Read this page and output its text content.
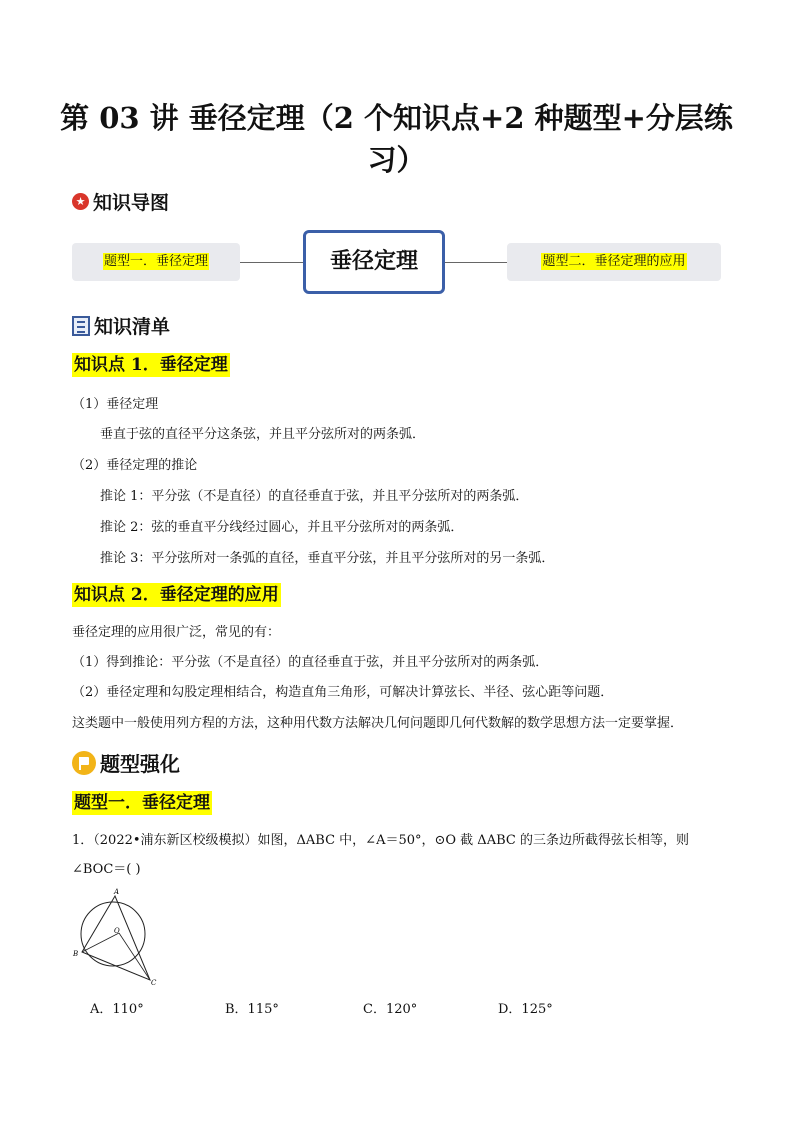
第 03 讲 垂径定理（2 个知识点+2 种题型+分层练
习）
★ 知识导图
题型一．垂径定理	垂径定理	题型二．垂径定理的应用
知识清单
知识点 1．垂径定理
（1）垂径定理
垂直于弦的直径平分这条弦，并且平分弦所对的两条弧．
（2）垂径定理的推论
推论 1：平分弦（不是直径）的直径垂直于弦，并且平分弦所对的两条弧．
推论 2：弦的垂直平分线经过圆心，并且平分弦所对的两条弧．
推论 3：平分弦所对一条弧的直径，垂直平分弦，并且平分弦所对的另一条弧．
知识点 2．垂径定理的应用
垂径定理的应用很广泛，常见的有：
（1）得到推论：平分弦（不是直径）的直径垂直于弦，并且平分弦所对的两条弧．
（2）垂径定理和勾股定理相结合，构造直角三角形，可解决计算弦长、半径、弦心距等问题．
这类题中一般使用列方程的方法，这种用代数方法解决几何问题即几何代数解的数学思想方法一定要掌握．
题型强化
题型一．垂径定理
1．（2022•浦东新区校级模拟）如图，ΔABC 中，∠A＝50°，⊙O 截 ΔABC 的三条边所截得弦长相等，则
∠BOC＝( )
A
O
B
C
A．110°	B．115°	C．120°	D．125°
